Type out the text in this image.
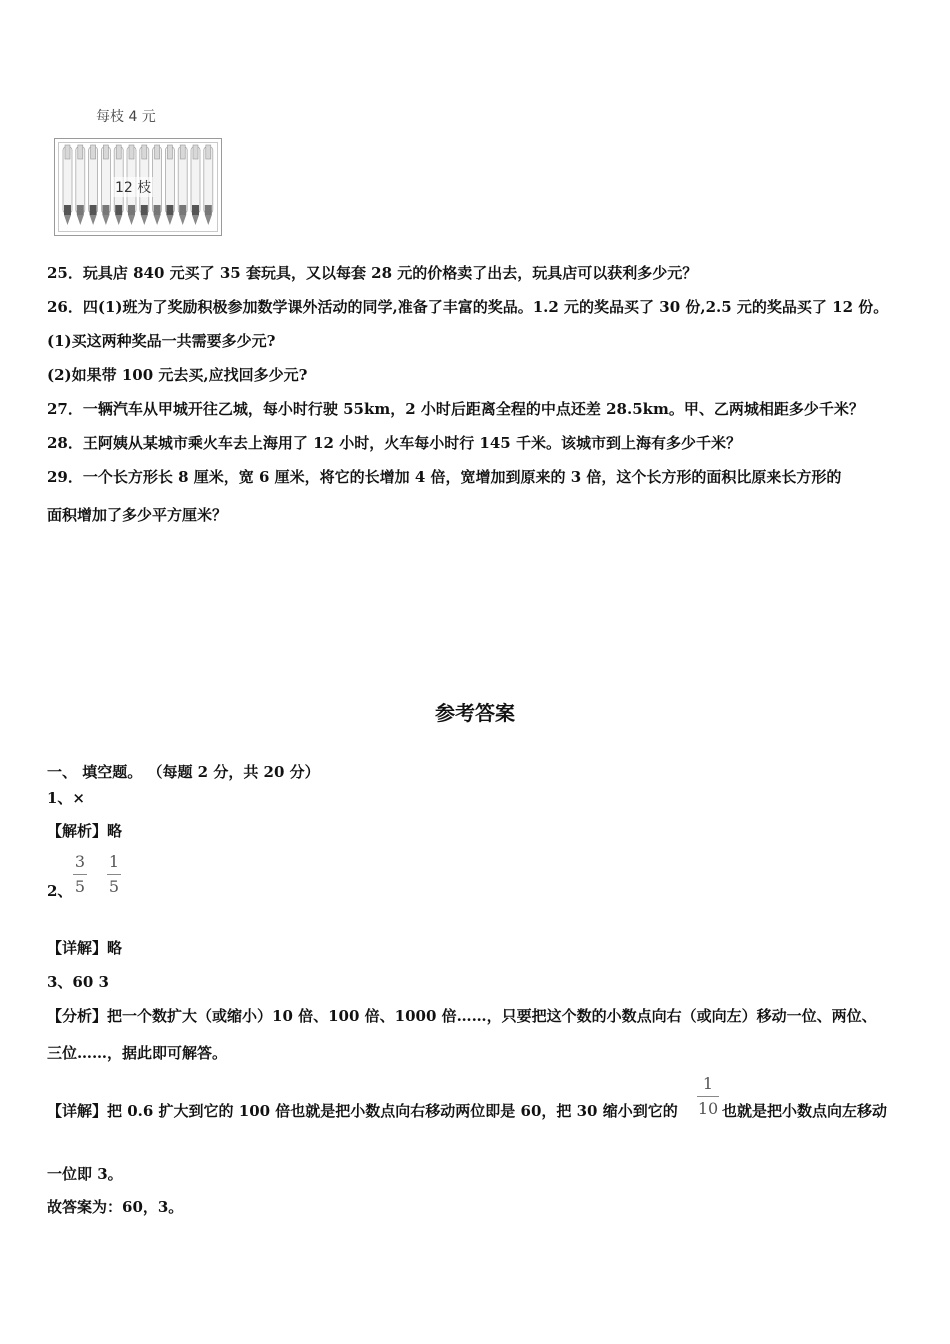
每枝 4 元
12 枝
25．玩具店 840 元买了 35 套玩具，又以每套 28 元的价格卖了出去，玩具店可以获利多少元？
26．四(1)班为了奖励积极参加数学课外活动的同学,准备了丰富的奖品。1.2 元的奖品买了 30 份,2.5 元的奖品买了 12 份。
(1)买这两种奖品一共需要多少元?
(2)如果带 100 元去买,应找回多少元?
27．一辆汽车从甲城开往乙城，每小时行驶 55km，2 小时后距离全程的中点还差 28.5km。甲、乙两城相距多少千米？
28．王阿姨从某城市乘火车去上海用了 12 小时，火车每小时行 145 千米。该城市到上海有多少千米？
29．一个长方形长 8 厘米，宽 6 厘米，将它的长增加 4 倍，宽增加到原来的 3 倍，这个长方形的面积比原来长方形的
面积增加了多少平方厘米？
参考答案
一、 填空题。 （每题 2 分，共 20 分）
1、×
【解析】略
2、
3
5
1
5
【详解】略
3、60 3
【分析】把一个数扩大（或缩小）10 倍、100 倍、1000 倍……，只要把这个数的小数点向右（或向左）移动一位、两位、
三位……，据此即可解答。
【详解】把 0.6 扩大到它的 100 倍也就是把小数点向右移动两位即是 60，把 30 缩小到它的
1
10 也就是把小数点向左移动
一位即 3。
故答案为：60，3。
